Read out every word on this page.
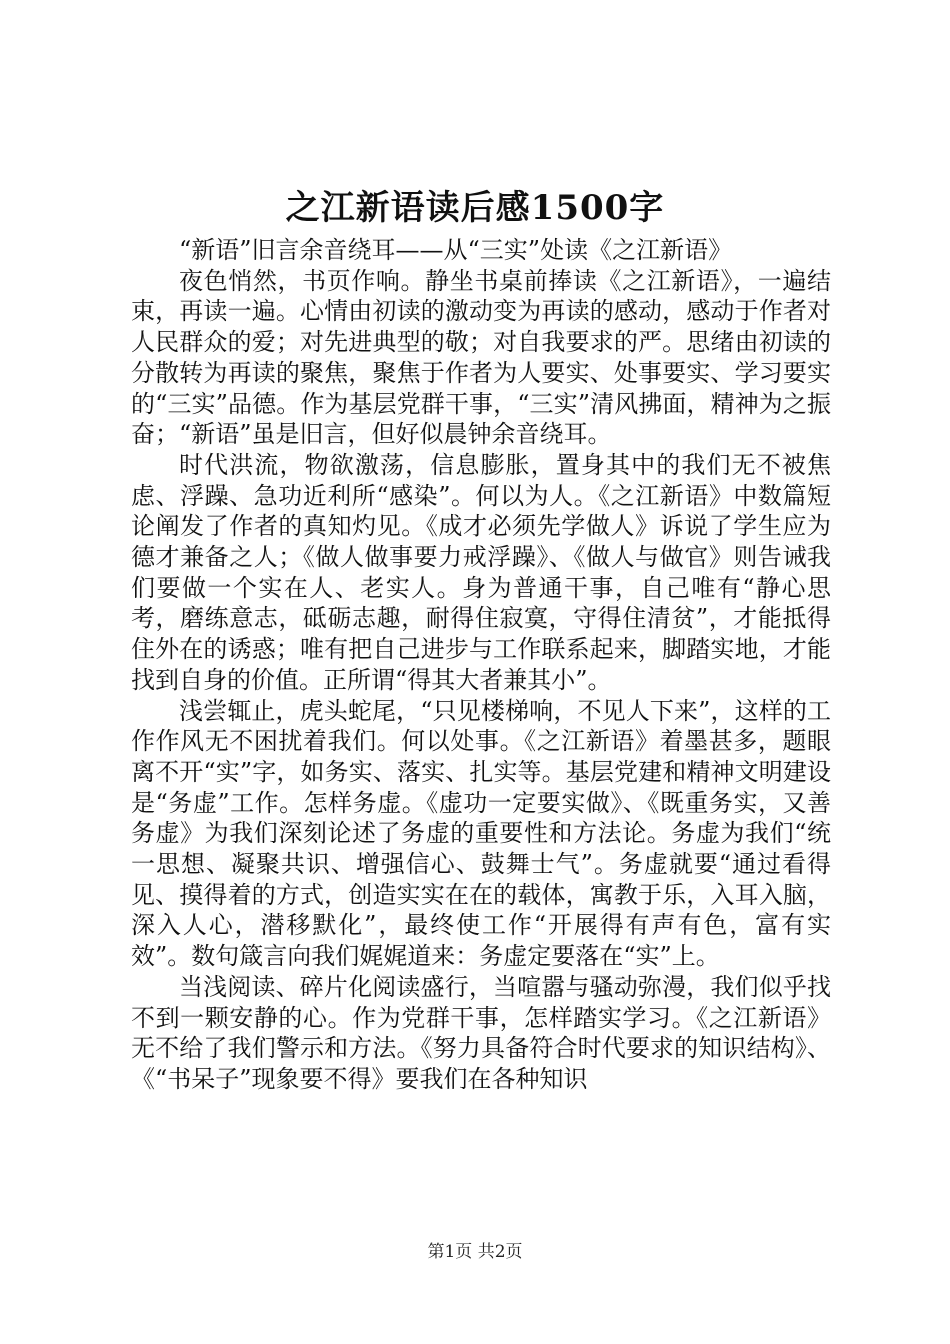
之江新语读后感1500字

“新语”旧言余音绕耳——从“三实”处读《之江新语》

夜色悄然，书页作响。静坐书桌前捧读《之江新语》，一遍结束，再读一遍。心情由初读的激动变为再读的感动，感动于作者对人民群众的爱；对先进典型的敬；对自我要求的严。思绪由初读的分散转为再读的聚焦，聚焦于作者为人要实、处事要实、学习要实的“三实”品德。作为基层党群干事，“三实”清风拂面，精神为之振奋；“新语”虽是旧言，但好似晨钟余音绕耳。

时代洪流，物欲激荡，信息膨胀，置身其中的我们无不被焦虑、浮躁、急功近利所“感染”。何以为人。《之江新语》中数篇短论阐发了作者的真知灼见。《成才必须先学做人》诉说了学生应为德才兼备之人；《做人做事要力戒浮躁》、《做人与做官》则告诫我们要做一个实在人、老实人。身为普通干事，自己唯有“静心思考，磨练意志，砥砺志趣，耐得住寂寞，守得住清贫”，才能抵得住外在的诱惑；唯有把自己进步与工作联系起来，脚踏实地，才能找到自身的价值。正所谓“得其大者兼其小”。

浅尝辄止，虎头蛇尾，“只见楼梯响，不见人下来”，这样的工作作风无不困扰着我们。何以处事。《之江新语》着墨甚多，题眼离不开“实”字，如务实、落实、扎实等。基层党建和精神文明建设是“务虚”工作。怎样务虚。《虚功一定要实做》、《既重务实，又善务虚》为我们深刻论述了务虚的重要性和方法论。务虚为我们“统一思想、凝聚共识、增强信心、鼓舞士气”。务虚就要“通过看得见、摸得着的方式，创造实实在在的载体，寓教于乐，入耳入脑，深入人心，潜移默化”，最终使工作“开展得有声有色，富有实效”。数句箴言向我们娓娓道来：务虚定要落在“实”上。

当浅阅读、碎片化阅读盛行，当喧嚣与骚动弥漫，我们似乎找不到一颗安静的心。作为党群干事，怎样踏实学习。《之江新语》无不给了我们警示和方法。《努力具备符合时代要求的知识结构》、《“书呆子”现象要不得》要我们在各种知识

第1页 共2页
